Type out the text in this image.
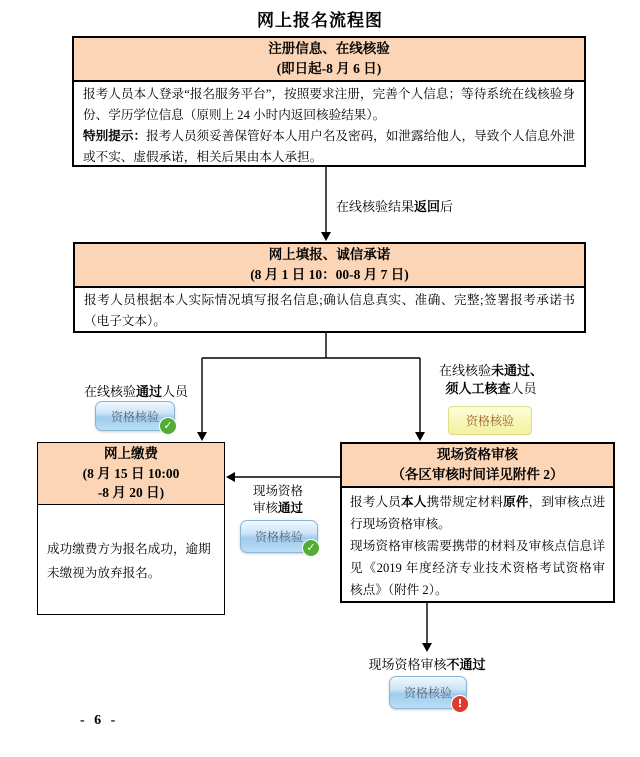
网上报名流程图
注册信息、在线核验
(即日起-8 月 6 日)
报考人员本人登录“报名服务平台”，按照要求注册，完善个人信息；等待系统在线核验身份、学历学位信息（原则上 24 小时内返回核验结果）。
特别提示：报考人员须妥善保管好本人用户名及密码，如泄露给他人，导致个人信息外泄或不实、虚假承诺，相关后果由本人承担。
在线核验结果返回后
网上填报、诚信承诺
(8 月 1 日 10：00-8 月 7 日)
报考人员根据本人实际情况填写报名信息;确认信息真实、准确、完整;签署报考承诺书（电子文本）。
在线核验通过人员
资格核验
✓
在线核验未通过、
须人工核查人员
资格核验
网上缴费
(8 月 15 日 10:00
-8 月 20 日)
成功缴费方为报名成功，逾期未缴视为放弃报名。
现场资格
审核通过
资格核验
✓
现场资格审核
（各区审核时间详见附件 2）
报考人员本人携带规定材料原件，到审核点进行现场资格审核。
现场资格审核需要携带的材料及审核点信息详见《2019 年度经济专业技术资格考试资格审核点》（附件 2）。
现场资格审核不通过
资格核验
!
- 6 -
